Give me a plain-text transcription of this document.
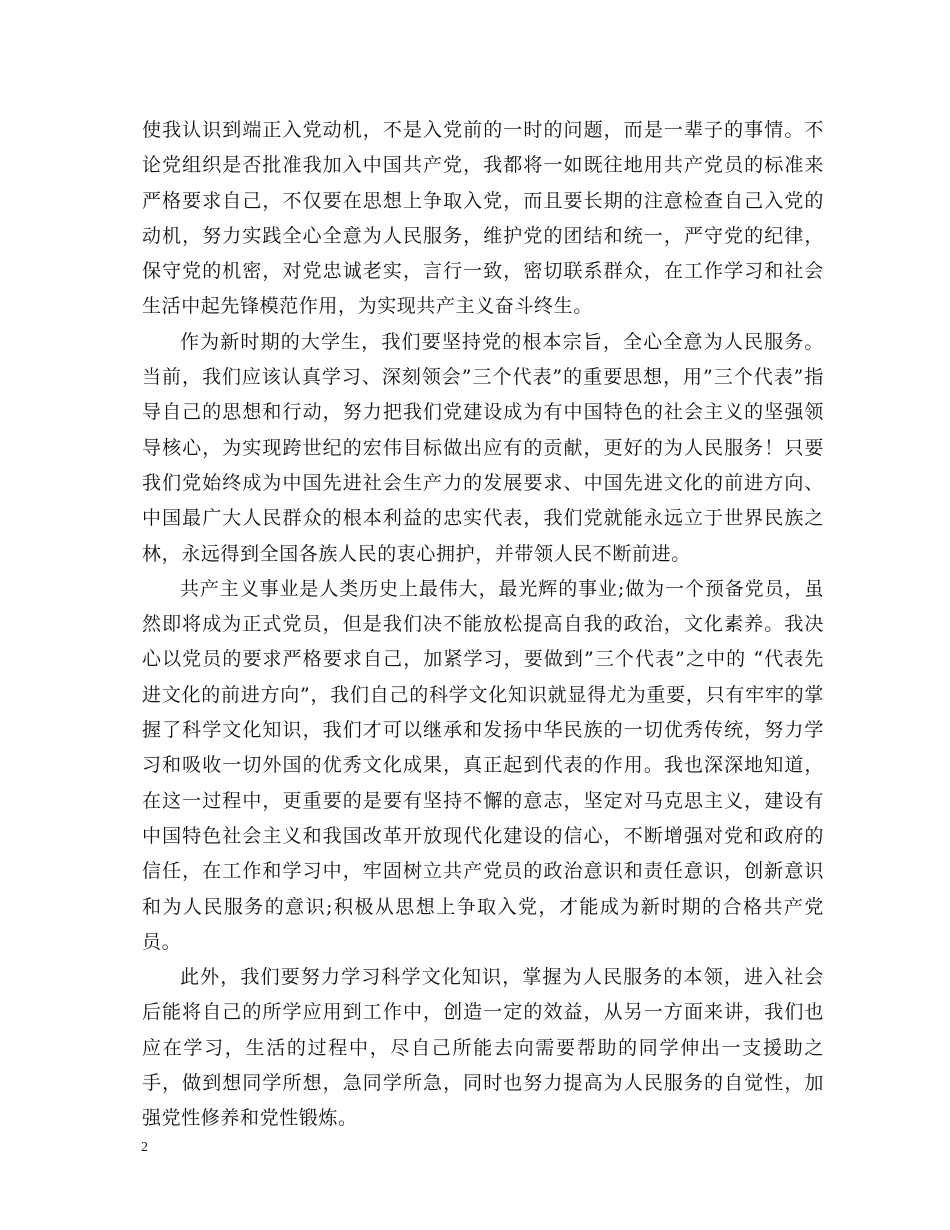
使我认识到端正入党动机，不是入党前的一时的问题，而是一辈子的事情。不论党组织是否批准我加入中国共产党，我都将一如既往地用共产党员的标准来严格要求自己，不仅要在思想上争取入党，而且要长期的注意检查自己入党的动机，努力实践全心全意为人民服务，维护党的团结和统一，严守党的纪律，保守党的机密，对党忠诚老实，言行一致，密切联系群众，在工作学习和社会生活中起先锋模范作用，为实现共产主义奋斗终生。

作为新时期的大学生，我们要坚持党的根本宗旨，全心全意为人民服务。当前，我们应该认真学习、深刻领会”三个代表”的重要思想，用”三个代表”指导自己的思想和行动，努力把我们党建设成为有中国特色的社会主义的坚强领导核心，为实现跨世纪的宏伟目标做出应有的贡献，更好的为人民服务！只要我们党始终成为中国先进社会生产力的发展要求、中国先进文化的前进方向、中国最广大人民群众的根本利益的忠实代表，我们党就能永远立于世界民族之林，永远得到全国各族人民的衷心拥护，并带领人民不断前进。

共产主义事业是人类历史上最伟大，最光辉的事业;做为一个预备党员，虽然即将成为正式党员，但是我们决不能放松提高自我的政治，文化素养。我决心以党员的要求严格要求自己，加紧学习，要做到”三个代表”之中的 “代表先进文化的前进方向”，我们自己的科学文化知识就显得尤为重要，只有牢牢的掌握了科学文化知识，我们才可以继承和发扬中华民族的一切优秀传统，努力学习和吸收一切外国的优秀文化成果，真正起到代表的作用。我也深深地知道，在这一过程中，更重要的是要有坚持不懈的意志，坚定对马克思主义，建设有中国特色社会主义和我国改革开放现代化建设的信心，不断增强对党和政府的信任，在工作和学习中，牢固树立共产党员的政治意识和责任意识，创新意识和为人民服务的意识;积极从思想上争取入党，才能成为新时期的合格共产党员。

此外，我们要努力学习科学文化知识，掌握为人民服务的本领，进入社会后能将自己的所学应用到工作中，创造一定的效益，从另一方面来讲，我们也应在学习，生活的过程中，尽自己所能去向需要帮助的同学伸出一支援助之手，做到想同学所想，急同学所急，同时也努力提高为人民服务的自觉性，加强党性修养和党性锻炼。

2
